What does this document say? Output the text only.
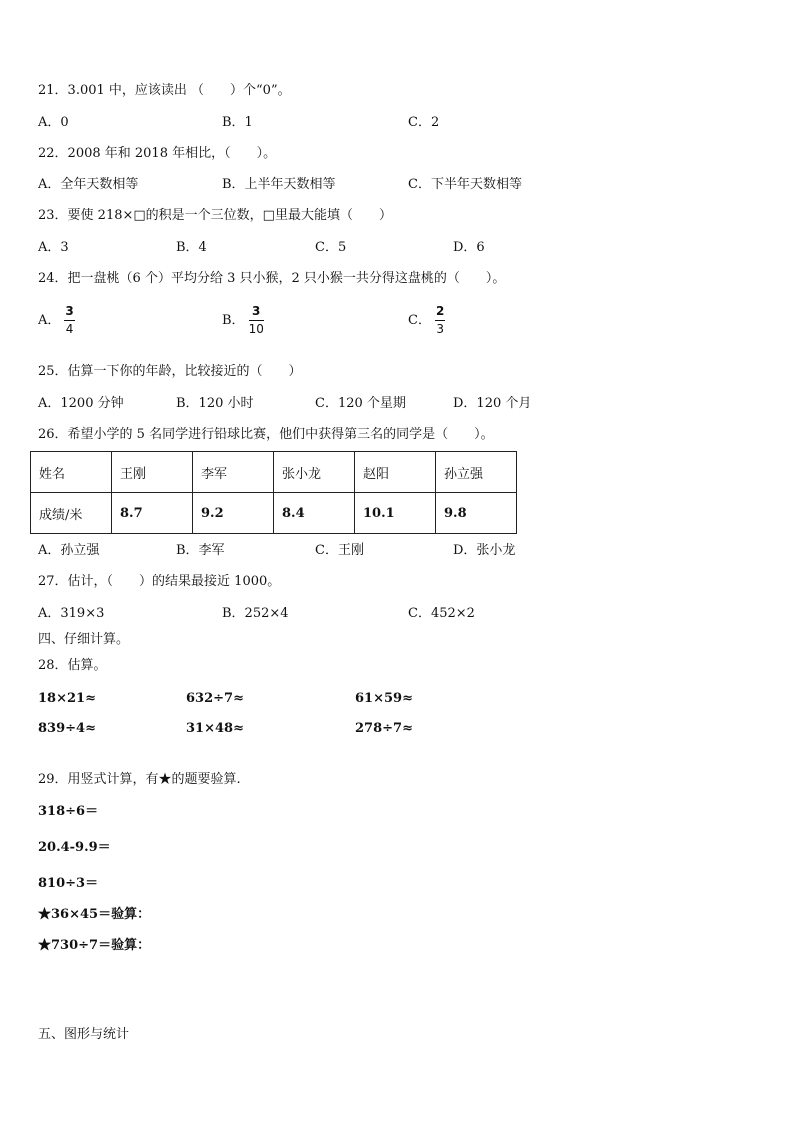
21．3.001 中，应该读出 （　　）个“0”。
A．0	B．1	C．2
22．2008 年和 2018 年相比，（　　）。
A．全年天数相等	B．上半年天数相等	C．下半年天数相等
23．要使 218×□的积是一个三位数，□里最大能填（　　）
A．3	B．4	C．5	D．6
24．把一盘桃（6 个）平均分给 3 只小猴，2 只小猴一共分得这盘桃的（　　）。
A． $\frac{3}{4}$	B． $\frac{3}{10}$	C． $\frac{2}{3}$
25．估算一下你的年龄，比较接近的（　　）
A．1200 分钟	B．120 小时	C．120 个星期	D．120 个月
26．希望小学的 5 名同学进行铅球比赛，他们中获得第三名的同学是（　　）。
姓名	王刚	李军	张小龙	赵阳	孙立强
成绩/米	8.7	9.2	8.4	10.1	9.8
A．孙立强	B．李军	C．王刚	D．张小龙
27．估计，（　　）的结果最接近 1000。
A．319×3	B．252×4	C．452×2
四、仔细计算。
28．估算。
18×21≈	632÷7≈	61×59≈
839÷4≈	31×48≈	278÷7≈
29．用竖式计算，有★的题要验算.
318÷6＝
20.4-9.9＝
810÷3＝
★36×45＝验算：
★730÷7＝验算：
五、图形与统计
